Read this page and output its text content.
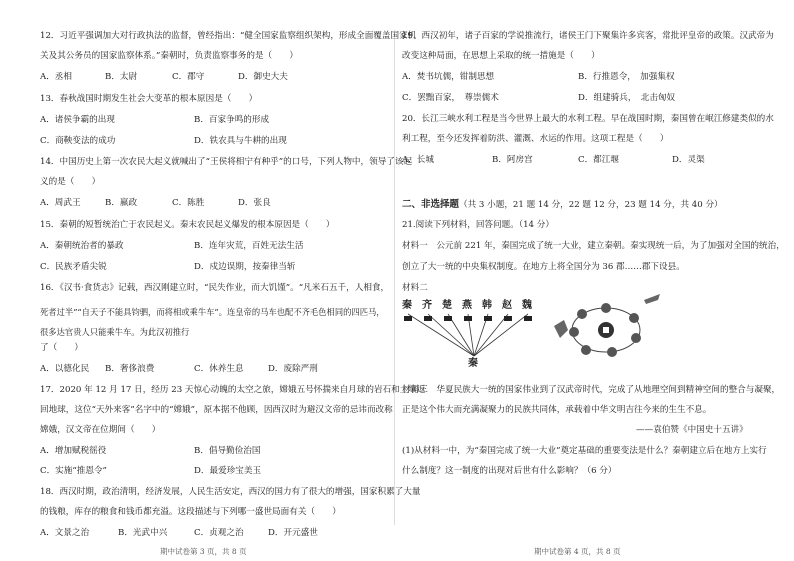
12．习近平强调加大对行政执法的监督，曾经指出：“健全国家监察组织架构，形成全面覆盖国家机
关及其公务员的国家监察体系。”秦朝时，负责监察事务的是（　　）
A．丞相	B．太尉	C．郡守	D．御史大夫
13．春秋战国时期发生社会大变革的根本原因是（　　）
A．诸侯争霸的出现	B．百家争鸣的形成
C．商鞅变法的成功	D．铁农具与牛耕的出现
14．中国历史上第一次农民大起义就喊出了“王侯将相宁有种乎”的口号，下列人物中，领导了该起
义的是（　　）
A．周武王	B．嬴政	C．陈胜	D．张良
15．秦朝的短暂统治亡于农民起义。秦末农民起义爆发的根本原因是（　　）
A．秦朝统治者的暴政	B．连年灾荒，百姓无法生活
C．民族矛盾尖锐	D．戍边误期，按秦律当斩
16．《汉书·食货志》记载，西汉刚建立时，“民失作业，而大饥馑”。“凡米石五千，人相食，
死者过半”“自天子不能具钧驷，而将相或乘牛车”。连皇帝的马车也配不齐毛色相同的四匹马，很多达官贵人只能乘牛车。为此汉初推行
了（　　）
A．以德化民 B．奢侈浪费	C．休养生息	D．废除严刑
17．2020 年 12 月 17 日，经历 23 天惊心动魄的太空之旅，嫦娥五号怀揣来自月球的岩石和土壤返
回地球，这位“天外来客”名字中的“嫦娥”，原本据不他顾，因西汉时为避汉文帝的忌讳而改称
嫦娥，汉文帝在位期间（　　）
A．增加赋税徭役	B．倡导勤俭治国
C．实施“推恩令”	D．最爱珍宝美玉
18．西汉时期，政治清明，经济发展，人民生活安定，西汉的国力有了很大的增强，国家积累了大量
的钱粮，库存的粮食和钱币都充溢。这段描述与下列哪一盛世局面有关（　　）
A．文景之治	B．光武中兴	C．贞观之治	D．开元盛世
期中试卷第 3 页，共 8 页
19．西汉初年，诸子百家的学说推流行，诸侯王门下聚集许多宾客，常批评皇帝的政策。汉武帝为
改变这种局面，在思想上采取的统一措施是（　　）
A．焚书坑儒，钳制思想	B．行推恩令，　加强集权
C．罢黜百家，　尊崇儒术	D．组建骑兵，　北击匈奴
20．长江三峡水利工程是当今世界上最大的水利工程。早在战国时期，秦国曾在岷江修建类似的水
利工程，至今还发挥着防洪、灌溉、水运的作用。这项工程是（　　）
A．长城	B．阿房宫	C．都江堰	D．灵渠
二、非选择题（共 3 小题，21 题 14 分，22 题 12 分，23 题 14 分，共 40 分）
21.阅读下列材料，回答问题。（14 分）
材料一　公元前 221 年，秦国完成了统一大业，建立秦朝。秦实现统一后，为了加强对全国的统治，
创立了大一统的中央集权制度。在地方上将全国分为 36 郡……郡下设县。
材料二
秦 齐 楚 燕 韩 赵 魏
秦
材料三　华夏民族大一统的国家伟业到了汉武帝时代，完成了从地理空间到精神空间的整合与凝聚，
正是这个伟大而充满凝聚力的民族共同体，承载着中华文明吉往今来的生生不息。
——袁伯赞《中国史十五讲》
(1)从材料一中，为“秦国完成了统一大业”奠定基础的重要变法是什么？秦朝建立后在地方上实行
什么制度？这一制度的出现对后世有什么影响？（6 分）
期中试卷第 4 页，共 8 页
